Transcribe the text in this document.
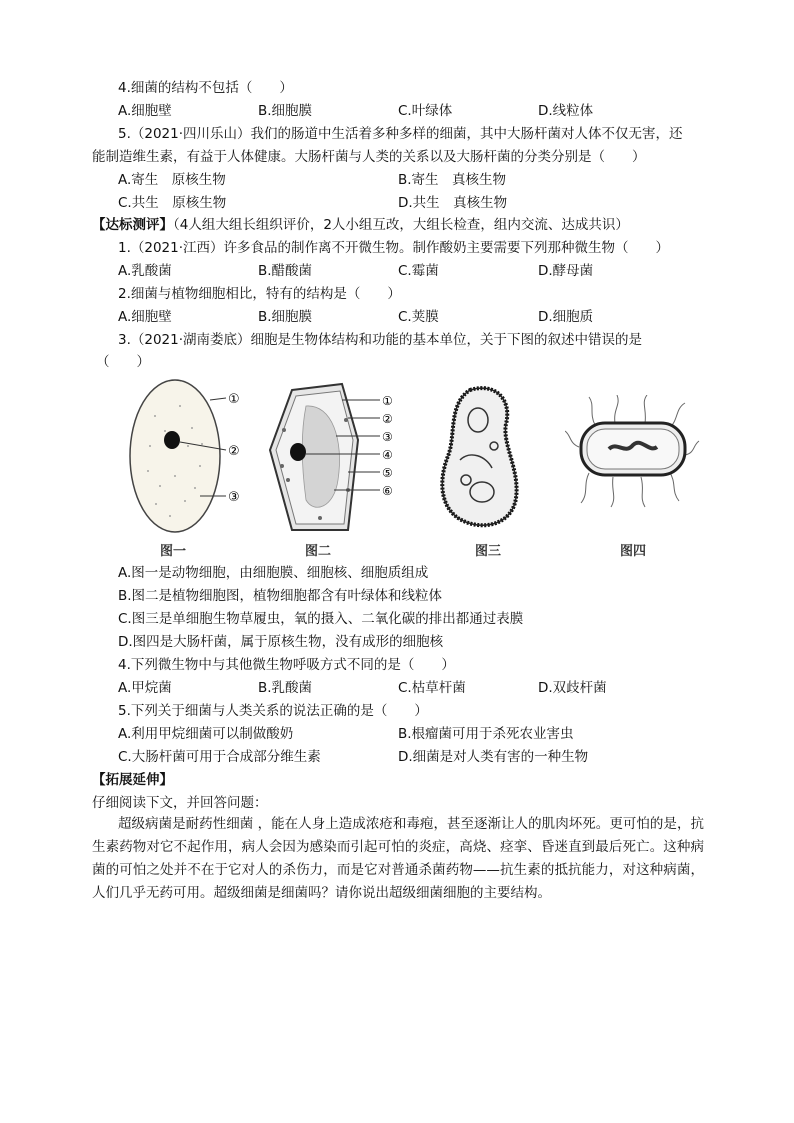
4.细菌的结构不包括（　　）
A.细胞壁	B.细胞膜	C.叶绿体	D.线粒体
5.（2021·四川乐山）我们的肠道中生活着多种多样的细菌，其中大肠杆菌对人体不仅无害，还
能制造维生素，有益于人体健康。大肠杆菌与人类的关系以及大肠杆菌的分类分别是（　　）
A.寄生　原核生物	B.寄生　真核生物
C.共生　原核生物	D.共生　真核生物
【达标测评】（4人组大组长组织评价，2人小组互改，大组长检查，组内交流、达成共识）
1.（2021·江西）许多食品的制作离不开微生物。制作酸奶主要需要下列那种微生物（　　）
A.乳酸菌	B.醋酸菌	C.霉菌	D.酵母菌
2.细菌与植物细胞相比，特有的结构是（　　）
A.细胞壁	B.细胞膜	C.荚膜	D.细胞质
3.（2021·湖南娄底）细胞是生物体结构和功能的基本单位，关于下图的叙述中错误的是
（　　）
①
②
③
①
②
③
④
⑤
⑥
图一	图二	图三	图四
A.图一是动物细胞，由细胞膜、细胞核、细胞质组成
B.图二是植物细胞图，植物细胞都含有叶绿体和线粒体
C.图三是单细胞生物草履虫，氧的摄入、二氧化碳的排出都通过表膜
D.图四是大肠杆菌，属于原核生物，没有成形的细胞核
4.下列微生物中与其他微生物呼吸方式不同的是（　　）
A.甲烷菌	B.乳酸菌	C.枯草杆菌	D.双歧杆菌
5.下列关于细菌与人类关系的说法正确的是（　　）
A.利用甲烷细菌可以制做酸奶	B.根瘤菌可用于杀死农业害虫
C.大肠杆菌可用于合成部分维生素	D.细菌是对人类有害的一种生物
【拓展延伸】
仔细阅读下文，并回答问题：

超级病菌是耐药性细菌 ，能在人身上造成浓疮和毒疱，甚至逐渐让人的肌肉坏死。更可怕的是，抗生素药物对它不起作用，病人会因为感染而引起可怕的炎症，高烧、痉挛、昏迷直到最后死亡。这种病菌的可怕之处并不在于它对人的杀伤力，而是它对普通杀菌药物——抗生素的抵抗能力，对这种病菌，人们几乎无药可用。超级细菌是细菌吗？请你说出超级细菌细胞的主要结构。
